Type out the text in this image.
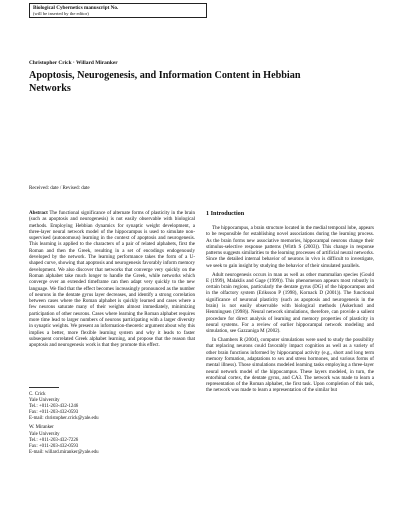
Biological Cybernetics manuscript No.
(will be inserted by the editor)
Christopher Crick · Willard Miranker
Apoptosis, Neurogenesis, and Information Content in Hebbian Networks
Received: date / Revised: date

Abstract The functional significance of alternate forms of plasticity in the brain (such as apoptosis and neurogenesis) is not easily observable with biological methods. Employing Hebbian dynamics for synaptic weight development, a three-layer neural network model of the hippocampus is used to simulate non-supervised (autonomous) learning in the context of apoptosis and neurogenesis. This learning is applied to the characters of a pair of related alphabets, first the Roman and then the Greek, resulting in a set of encodings endogenously developed by the network. The learning performance takes the form of a U-shaped curve, showing that apoptosis and neurogenesis favorably inform memory development. We also discover that networks that converge very quickly on the Roman alphabet take much longer to handle the Greek, while networks which converge over an extended timeframe can then adapt very quickly to the new language. We find that the effect becomes increasingly pronounced as the number of neurons in the dentate gyrus layer decreases, and identify a strong correlation between cases where the Roman alphabet is quickly learned and cases where a few neurons saturate many of their weights almost immediately, minimizing participation of other neurons. Cases where learning the Roman alphabet requires more time lead to larger numbers of neurons participating with a larger diversity in synaptic weights. We present an information-theoretic argument about why this implies a better, more flexible learning system and why it leads to faster subsequent correlated Greek alphabet learning, and propose that the reason that apoptosis and neurogenesis work is that they promote this effect.

C. Crick
Yale University
Tel.: +011-203-432-1246
Fax: +011-203-432-0593
E-mail: christopher.crick@yale.edu
W. Miranker
Yale University
Tel.: +011-203-432-7226
Fax: +011-203-432-0593
E-mail: willard.miranker@yale.edu
1 Introduction

The hippocampus, a brain structure located in the medial temporal lobe, appears to be responsible for establishing novel associations during the learning process. As the brain forms new associative memories, hippocampal neurons change their stimulus-selective response patterns (Wirth S (2003)). This change in response patterns suggests similarities to the learning processes of artificial neural networks. Since the detailed internal behavior of neurons in vivo is difficult to investigate, we seek to gain insight by studying the behavior of their simulated parallels.

Adult neurogenesis occurs in man as well as other mammalian species (Gould E (1999), Malaklis and Gage (1999)). This phenomenon appears most robustly in certain brain regions, particularly the dentate gyrus (DG) of the hippocampus and in the olfactory system (Eriksson P (1998), Kornack D (2001)). The functional significance of neuronal plasticity (such as apoptosis and neurogenesis in the brain) is not easily observable with biological methods (Askerlund and Henmingsen (1998)). Neural network simulations, therefore, can provide a salient procedure for direct analysis of learning and memory properties of plasticity in neural systems. For a review of earlier hippocampal network modeling and simulation, see Gazzaniga M (2002).

In Chambers R (2004), computer simulations were used to study the possibility that replacing neurons could favorably impact cognition as well as a variety of other brain functions informed by hippocampal activity (e.g., short and long term memory formation, adaptations to sex and stress hormones, and various forms of mental illness). Those simulations modeled learning tasks employing a three-layer neural network model of the hippocampus. These layers modeled, in turn, the entorhinal cortex, the dentate gyrus, and CA3. The network was made to learn a representation of the Roman alphabet, the first task. Upon completion of this task, the network was made to learn a representation of the similar but
